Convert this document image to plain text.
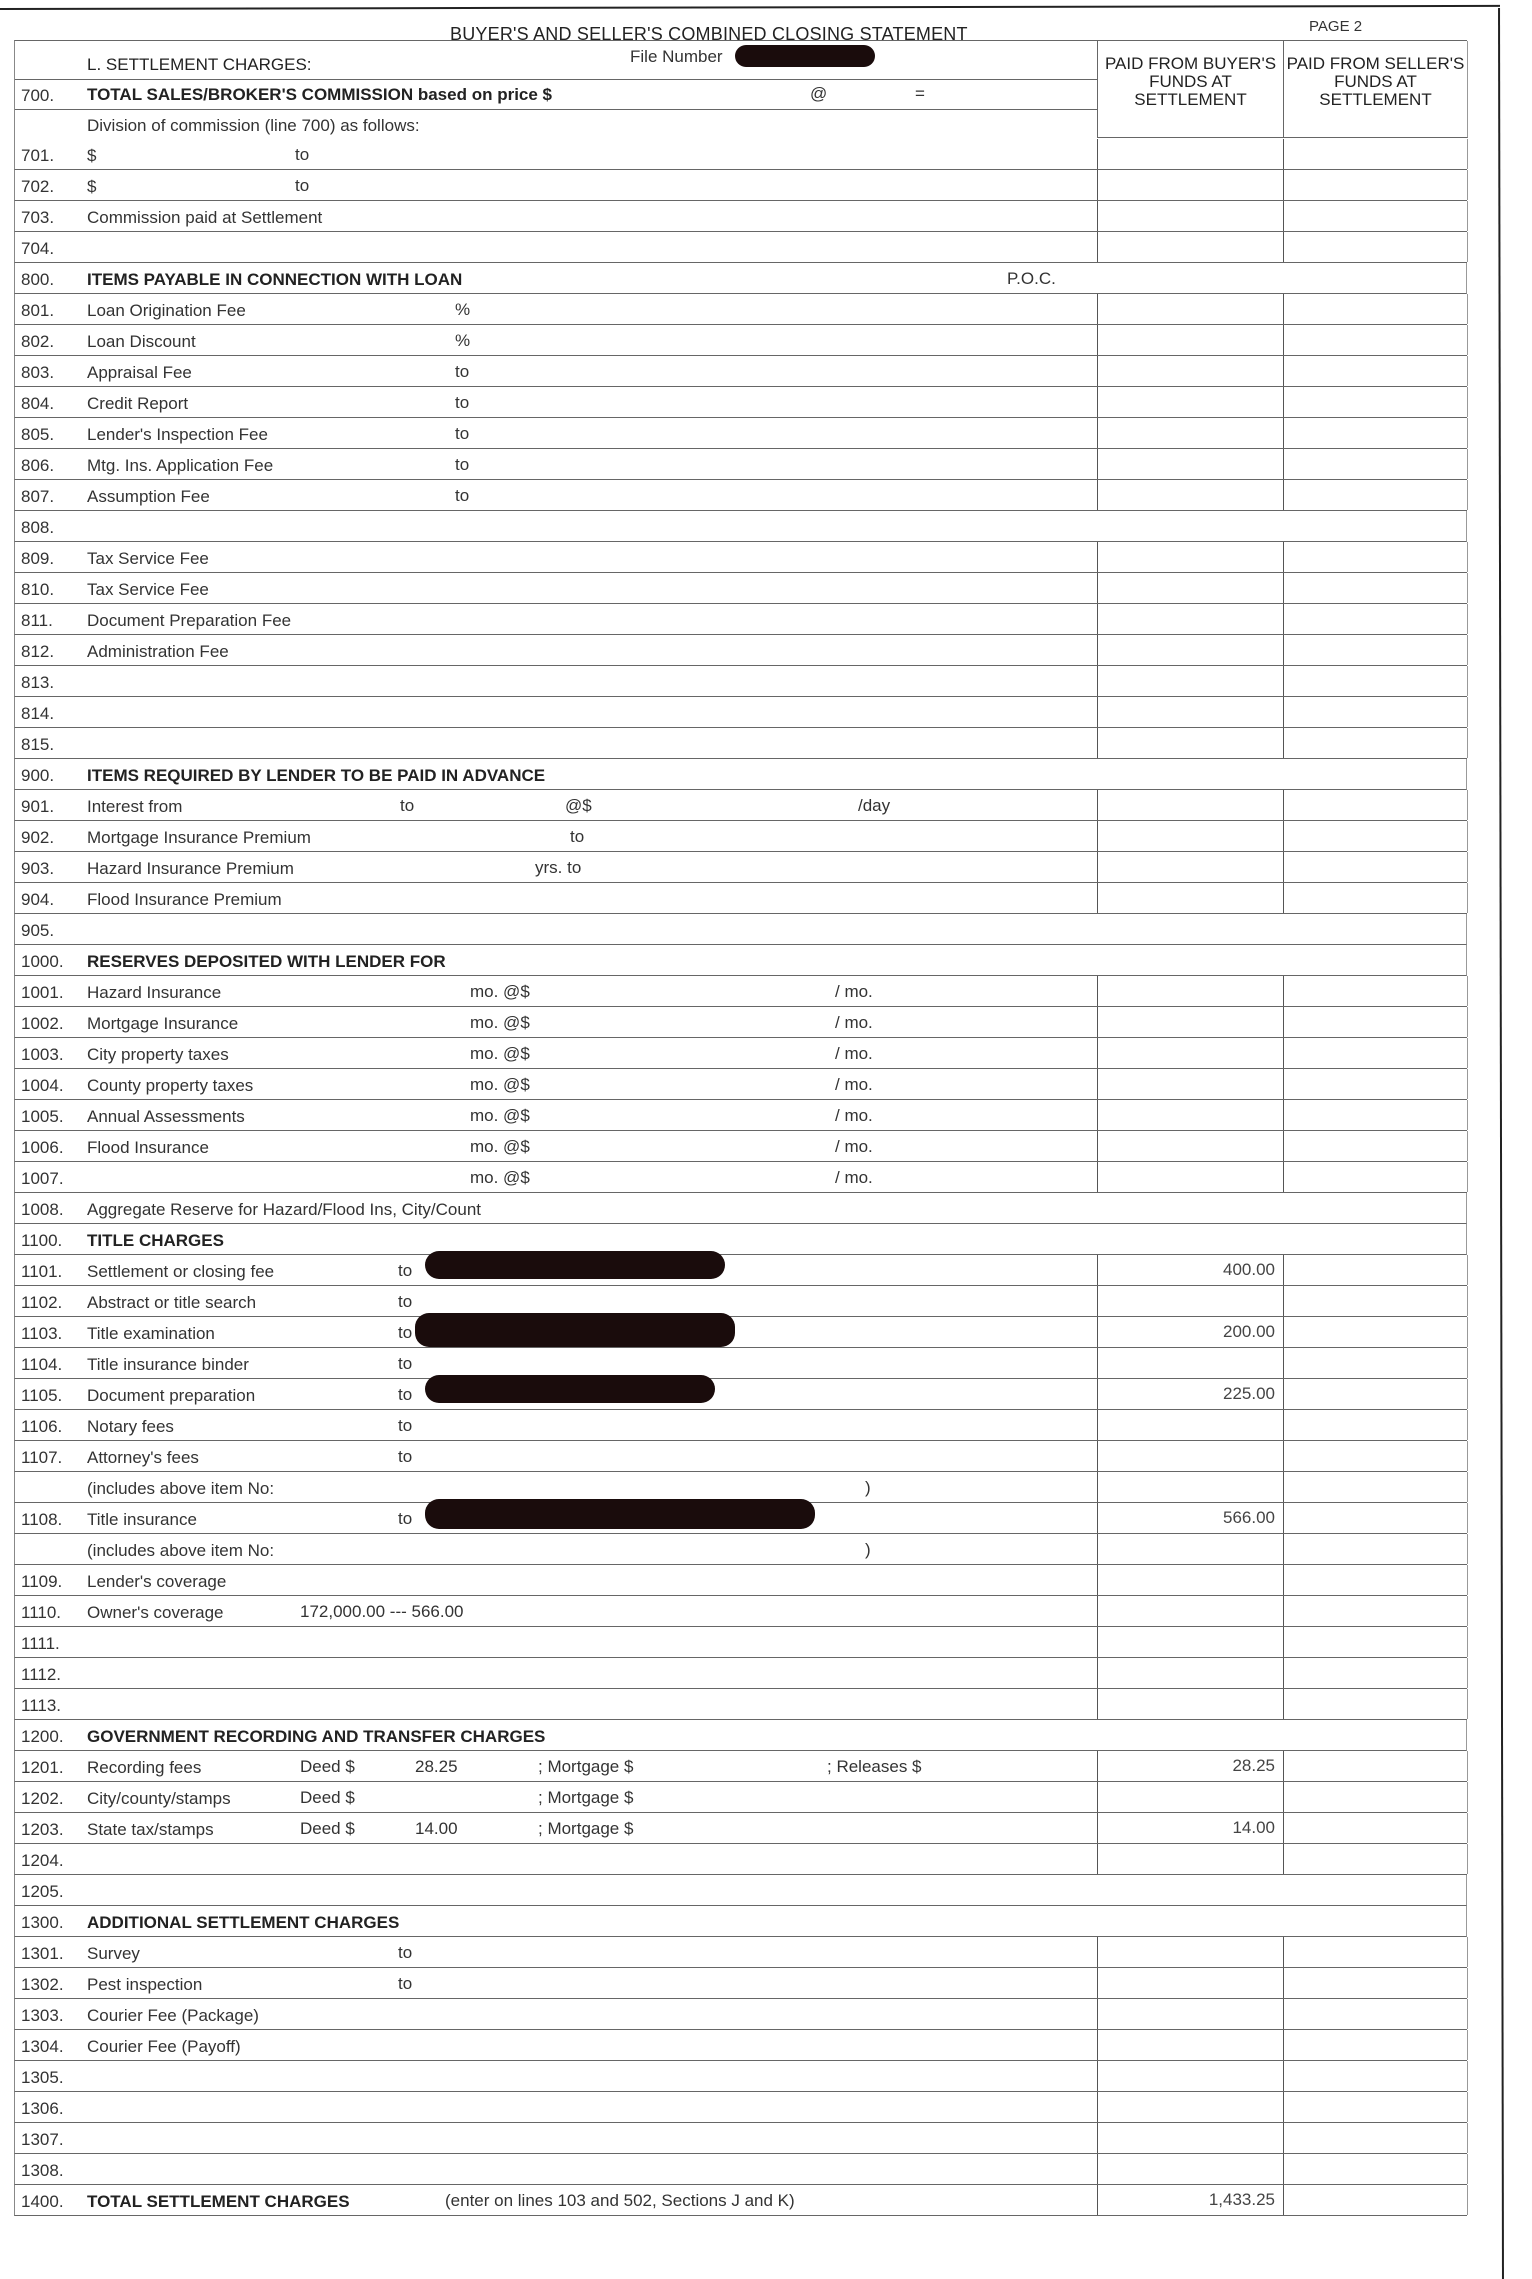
BUYER'S AND SELLER'S COMBINED CLOSING STATEMENT	PAGE 2
L. SETTLEMENT CHARGES:	File Number
700. TOTAL SALES/BROKER'S COMMISSION based on price $	@	=
Division of commission (line 700) as follows:
PAID FROM BUYER'S FUNDS AT SETTLEMENT
PAID FROM SELLER'S FUNDS AT SETTLEMENT
701. $	to
702. $	to
703. Commission paid at Settlement
704.
800. ITEMS PAYABLE IN CONNECTION WITH LOAN	P.O.C.
801. Loan Origination Fee	%
802. Loan Discount	%
803. Appraisal Fee	to
804. Credit Report	to
805. Lender's Inspection Fee	to
806. Mtg. Ins. Application Fee	to
807. Assumption Fee	to
808.
809. Tax Service Fee
810. Tax Service Fee
811. Document Preparation Fee
812. Administration Fee
813.
814.
815.
900. ITEMS REQUIRED BY LENDER TO BE PAID IN ADVANCE
901. Interest from	to	@$	/day
902. Mortgage Insurance Premium	to
903. Hazard Insurance Premium	yrs. to
904. Flood Insurance Premium
905.
1000. RESERVES DEPOSITED WITH LENDER FOR
1001. Hazard Insurance	mo. @$	/ mo.
1002. Mortgage Insurance	mo. @$	/ mo.
1003. City property taxes	mo. @$	/ mo.
1004. County property taxes	mo. @$	/ mo.
1005. Annual Assessments	mo. @$	/ mo.
1006. Flood Insurance	mo. @$	/ mo.
1007.	mo. @$	/ mo.
1008. Aggregate Reserve for Hazard/Flood Ins, City/Count
1100. TITLE CHARGES
1101. Settlement or closing fee	to	400.00
1102. Abstract or title search	to
1103. Title examination	to	200.00
1104. Title insurance binder	to
1105. Document preparation	to	225.00
1106. Notary fees	to
1107. Attorney's fees	to
(includes above item No:	)
1108. Title insurance	to	566.00
(includes above item No:	)
1109. Lender's coverage
1110. Owner's coverage	172,000.00 --- 566.00
1111.
1112.
1113.
1200. GOVERNMENT RECORDING AND TRANSFER CHARGES
1201. Recording fees	Deed $	28.25	; Mortgage $	; Releases $	28.25
1202. City/county/stamps	Deed $	; Mortgage $
1203. State tax/stamps	Deed $	14.00	; Mortgage $	14.00
1204.
1205.
1300. ADDITIONAL SETTLEMENT CHARGES
1301. Survey	to
1302. Pest inspection	to
1303. Courier Fee (Package)
1304. Courier Fee (Payoff)
1305.
1306.
1307.
1308.
1400. TOTAL SETTLEMENT CHARGES	(enter on lines 103 and 502, Sections J and K)	1,433.25
